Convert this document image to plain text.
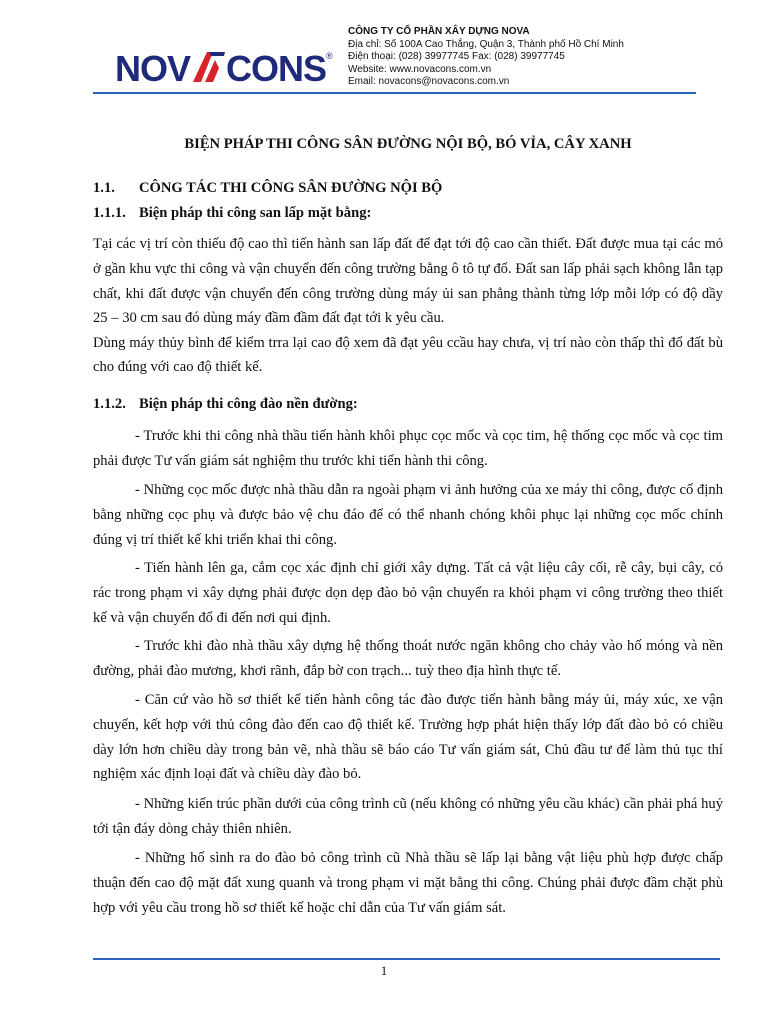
NOV CONS®
CÔNG TY CỔ PHẦN XÂY DỰNG NOVA
Địa chỉ: Số 100A Cao Thắng, Quận 3, Thành phố Hồ Chí Minh
Điện thoại: (028) 39977745 Fax: (028) 39977745
Website: www.novacons.com.vn
Email: novacons@novacons.com.vn
BIỆN PHÁP THI CÔNG SÂN ĐƯỜNG NỘI BỘ, BÓ VỈA, CÂY XANH
1.1. CÔNG TÁC THI CÔNG SÂN ĐƯỜNG NỘI BỘ
1.1.1. Biện pháp thi công san lấp mặt bằng:

Tại các vị trí còn thiếu độ cao thì tiến hành san lấp đất để đạt tới độ cao cần thiết. Đất được mua tại các mỏ ở gần khu vực thi công và vận chuyển đến công trường bằng ô tô tự đổ. Đất san lấp phải sạch không lẫn tạp chất, khi đất được vận chuyển đến công trường dùng máy ủi san phẳng thành từng lớp mỗi lớp có độ dầy 25 – 30 cm sau đó dùng máy đầm đầm đất đạt tới k yêu cầu.

Dùng máy thủy bình để kiểm trra lại cao độ xem đã đạt yêu ccầu hay chưa, vị trí nào còn thấp thì đổ đất bù cho đúng với cao độ thiết kế.

1.1.2. Biện pháp thi công đào nền đường:

- Trước khi thi công nhà thầu tiến hành khôi phục cọc mốc và cọc tim, hệ thống cọc mốc và cọc tim phải được Tư vấn giám sát nghiệm thu trước khi tiến hành thi công.

- Những cọc mốc được nhà thầu dẫn ra ngoài phạm vi ảnh hưởng của xe máy thi công, được cố định bằng những cọc phụ và được bảo vệ chu đáo để có thể nhanh chóng khôi phục lại những cọc mốc chính đúng vị trí thiết kế khi triển khai thi công.

- Tiến hành lên ga, cắm cọc xác định chỉ giới xây dựng. Tất cả vật liệu cây cối, rễ cây, bụi cây, cỏ rác trong phạm vi xây dựng phải được dọn dẹp đào bỏ vận chuyển ra khỏi phạm vi công trường theo thiết kế và vận chuyển đổ đi đến nơi qui định.

- Trước khi đào nhà thầu xây dựng hệ thống thoát nước ngăn không cho chảy vào hố móng và nền đường, phải đào mương, khơi rãnh, đắp bờ con trạch... tuỳ theo địa hình thực tế.

- Căn cứ vào hồ sơ thiết kế tiến hành công tác đào được tiến hành bằng máy ủi, máy xúc, xe vận chuyển, kết hợp với thủ công đào đến cao độ thiết kế. Trường hợp phát hiện thấy lớp đất đào bỏ có chiều dày lớn hơn chiều dày trong bản vẽ, nhà thầu sẽ báo cáo Tư vấn giám sát, Chủ đầu tư để làm thủ tục thí nghiệm xác định loại đất và chiều dày đào bỏ.

- Những kiến trúc phần dưới của công trình cũ (nếu không có những yêu cầu khác) cần phải phá huỷ tới tận đáy dòng chảy thiên nhiên.

- Những hố sình ra do đào bỏ công trình cũ Nhà thầu sẽ lấp lại bằng vật liệu phù hợp được chấp thuận đến cao độ mặt đất xung quanh và trong phạm vi mặt bằng thi công. Chúng phải được đầm chặt phù hợp với yêu cầu trong hồ sơ thiết kế hoặc chỉ dẫn của Tư vấn giám sát.

1
